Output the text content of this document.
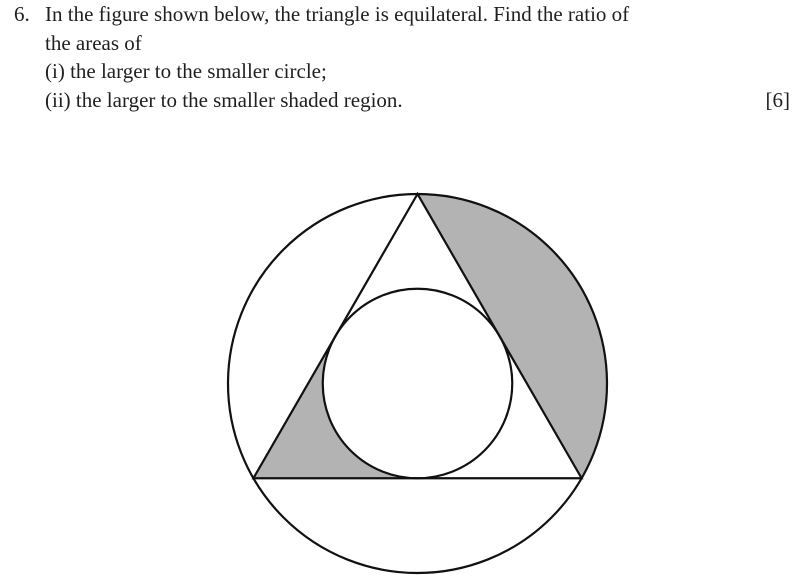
6. In the figure shown below, the triangle is equilateral. Find the ratio of
the areas of
(i) the larger to the smaller circle;
(ii) the larger to the smaller shaded region.	[6]
